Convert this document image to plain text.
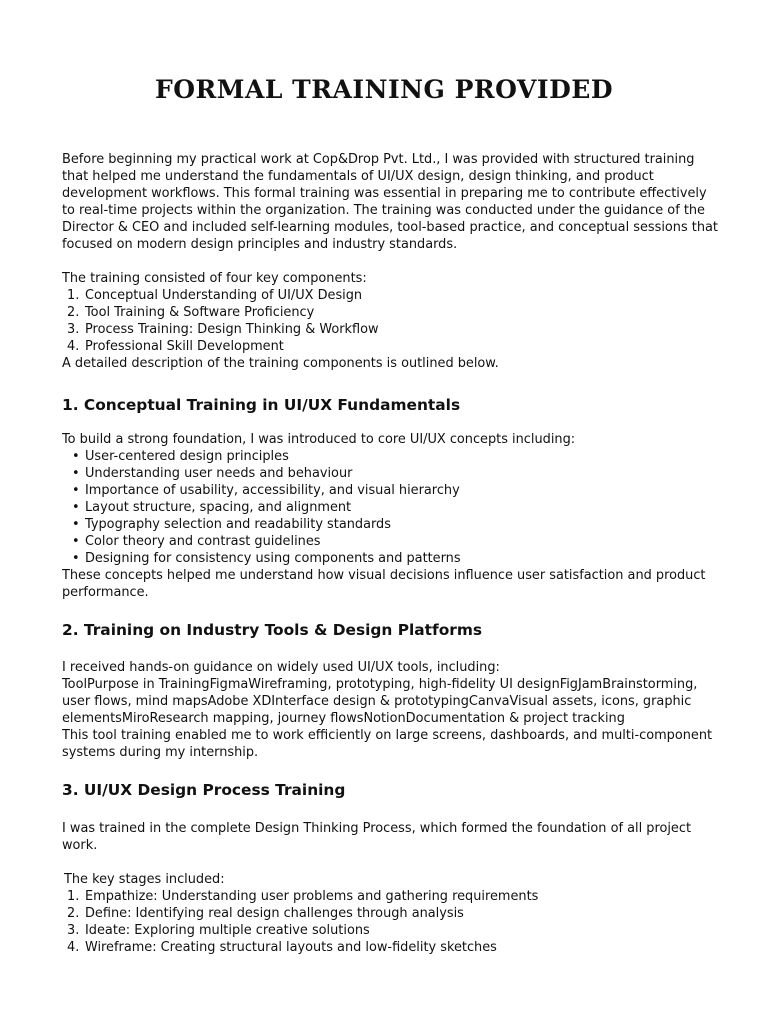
FORMAL TRAINING PROVIDED
Before beginning my practical work at Cop&Drop Pvt. Ltd., I was provided with structured training
that helped me understand the fundamentals of UI/UX design, design thinking, and product
development workflows. This formal training was essential in preparing me to contribute effectively
to real-time projects within the organization. The training was conducted under the guidance of the
Director & CEO and included self-learning modules, tool-based practice, and conceptual sessions that
focused on modern design principles and industry standards.
The training consisted of four key components:
1. Conceptual Understanding of UI/UX Design
2. Tool Training & Software Proficiency
3. Process Training: Design Thinking & Workflow
4. Professional Skill Development
A detailed description of the training components is outlined below.
1. Conceptual Training in UI/UX Fundamentals
To build a strong foundation, I was introduced to core UI/UX concepts including:
• User-centered design principles
• Understanding user needs and behaviour
• Importance of usability, accessibility, and visual hierarchy
• Layout structure, spacing, and alignment
• Typography selection and readability standards
• Color theory and contrast guidelines
• Designing for consistency using components and patterns
These concepts helped me understand how visual decisions influence user satisfaction and product
performance.
2. Training on Industry Tools & Design Platforms
I received hands-on guidance on widely used UI/UX tools, including:
ToolPurpose in TrainingFigmaWireframing, prototyping, high-fidelity UI designFigJamBrainstorming,
user flows, mind mapsAdobe XDInterface design & prototypingCanvaVisual assets, icons, graphic
elementsMiroResearch mapping, journey flowsNotionDocumentation & project tracking
This tool training enabled me to work efficiently on large screens, dashboards, and multi-component
systems during my internship.
3. UI/UX Design Process Training
I was trained in the complete Design Thinking Process, which formed the foundation of all project
work.
The key stages included:
1. Empathize: Understanding user problems and gathering requirements
2. Define: Identifying real design challenges through analysis
3. Ideate: Exploring multiple creative solutions
4. Wireframe: Creating structural layouts and low-fidelity sketches
